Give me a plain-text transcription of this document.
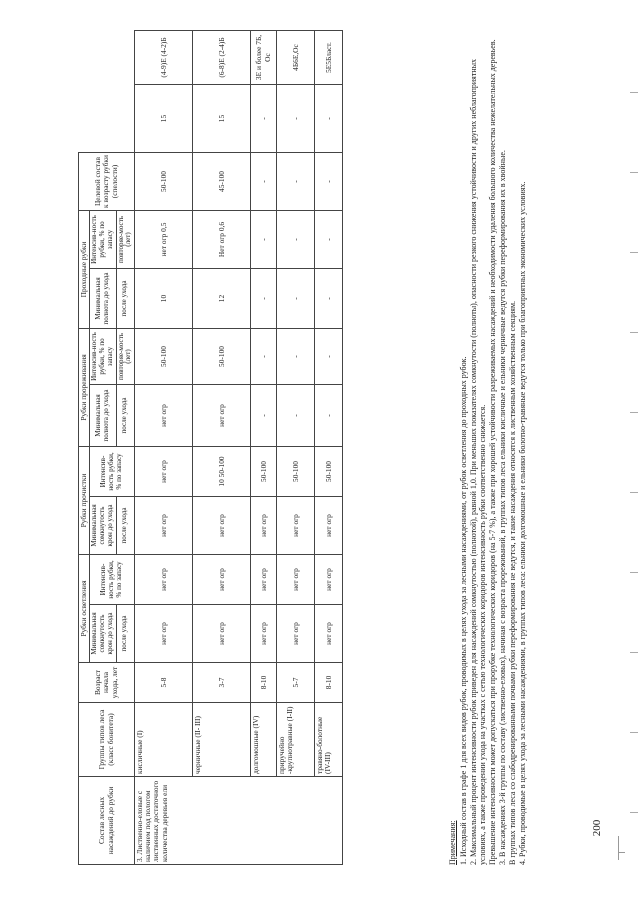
Состав лесных насаждений до рубки	Группы типов леса (класс бонитета)	Возраст начала ухода, лет	Рубки осветления		Рубки прочистки		Рубки прореживания		Проходные рубки		Целевой состав к возрасту рубки (спелости)		
			Минимальная сомкнутость крон до ухода	Интенсив-ность рубки, % по запасу	Минимальная сомкнутость крон до ухода	Интенсив-ность рубки, % по запасу	Минимальная полнота до ухода	Интенсив-ность рубки, % по запасу	Минимальная полнота до ухода	Интенсив-ность рубки, % по запасу			
			после ухода		после ухода		после ухода	повторяе-мость (лет)	после ухода	повторяе-мость (лет)			
3. Лиственно-еловые с наличием под пологом лиственных достаточного количества деревьев ели	кисличные (I)	5-8	нет огр	нет огр	нет огр	нет огр	нет огр	50-100	10	нет огр 0,5	50-100	15	(4-9)Е (4-2)Б
	черничные (II- III)	3-7	нет огр	нет огр	нет огр	10 50-100	нет огр	50-100	12	Нет огр 0,6	45-100	15	(6-8)Е (2-4)Б
	долгомошные (IV)	8-10	нет огр	нет огр	нет огр	50-100	-	-	-	-	-	-	3Е и более 7Б, Ос
	приручейно -крупнотравные (I-II)	5-7	нет огр	нет огр	нет огр	50-100	-	-	-	-	-	-	4Б6Е,Ос
	травяно-болотные (IV-III)	8-10	нет огр	нет огр	нет огр	50-100	-	-	-	-	-	-	5Е5Бласт.

Примечания: 1. Исходный состав в графе 1 для всех видов рубок, проводимых в целях ухода за лесными насаждениями, от рубок осветления до проходных рубок. 2. Максимальный процент интенсивности рубок приведен для насаждений сомкнутостью (полнотой), равной 1,0. При меньших показателях сомкнутости (полноты), опасности резкого снижения устойчивости и других неблагоприятных условиях, а также проведении ухода на участках с сетью технологических коридоров интенсивность рубки соответственно снижается. Превышение интенсивности может допускаться при прорубке технологических коридоров (на 5-7 %), а также при хорошей устойчивости разреживаемых насаждений и необходимости удаления большого количества нежелательных деревьев. 3. В насаждениях 3-й группы по составу (лиственно-еловых), начиная с возраста прореживаний, в группах типов леса ельники кисличные и ельники черничные ведутся рубки переформирования их в хвойные. В группах типов леса со слабодренированными почвами рубки переформирования не ведутся, и такие насаждения относятся к лиственным хозяйственным секциям. 4. Рубки, проводимые в целях ухода за лесными насаждениями, в группах типов леса: ельники долгомошные и ельники болотно-травяные ведутся только при благоприятных экономических условиях.	200
